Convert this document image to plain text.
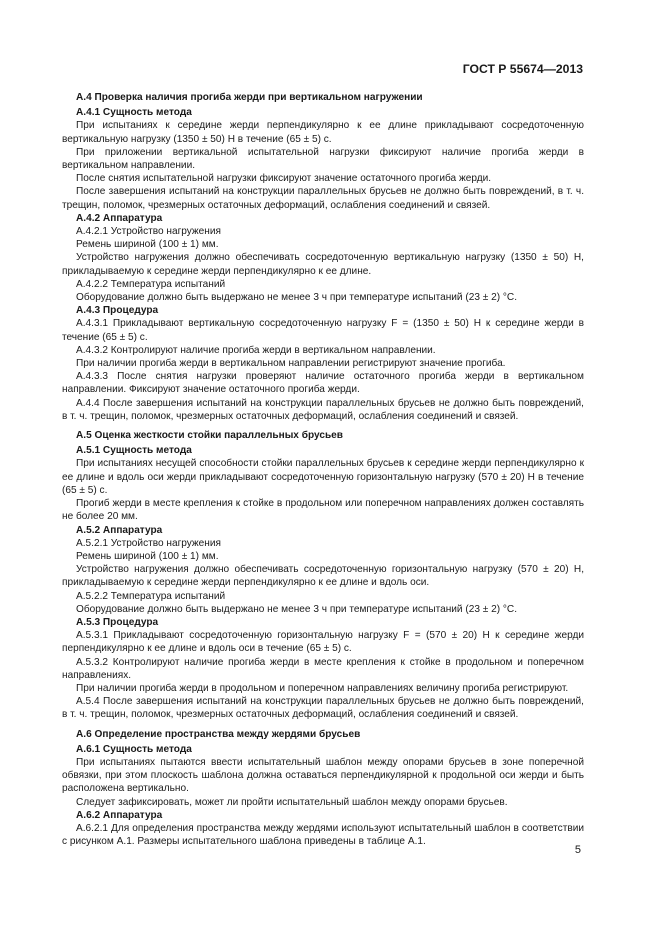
ГОСТ Р 55674—2013

А.4 Проверка наличия прогиба жерди при вертикальном нагружении

А.4.1 Сущность метода

При испытаниях к середине жерди перпендикулярно к ее длине прикладывают сосредоточенную вертикальную нагрузку (1350 ± 50) Н в течение (65 ± 5) с.

При приложении вертикальной испытательной нагрузки фиксируют наличие прогиба жерди в вертикальном направлении.

После снятия испытательной нагрузки фиксируют значение остаточного прогиба жерди.

После завершения испытаний на конструкции параллельных брусьев не должно быть повреждений, в т. ч. трещин, поломок, чрезмерных остаточных деформаций, ослабления соединений и связей.

А.4.2 Аппаратура

А.4.2.1 Устройство нагружения

Ремень шириной (100 ± 1) мм.

Устройство нагружения должно обеспечивать сосредоточенную вертикальную нагрузку (1350 ± 50) Н, прикладываемую к середине жерди перпендикулярно к ее длине.

А.4.2.2 Температура испытаний

Оборудование должно быть выдержано не менее 3 ч при температуре испытаний (23 ± 2) °С.

А.4.3 Процедура

А.4.3.1 Прикладывают вертикальную сосредоточенную нагрузку F = (1350 ± 50) Н к середине жерди в течение (65 ± 5) с.

А.4.3.2 Контролируют наличие прогиба жерди в вертикальном направлении.

При наличии прогиба жерди в вертикальном направлении регистрируют значение прогиба.

А.4.3.3 После снятия нагрузки проверяют наличие остаточного прогиба жерди в вертикальном направлении. Фиксируют значение остаточного прогиба жерди.

А.4.4 После завершения испытаний на конструкции параллельных брусьев не должно быть повреждений, в т. ч. трещин, поломок, чрезмерных остаточных деформаций, ослабления соединений и связей.

А.5 Оценка жесткости стойки параллельных брусьев

А.5.1 Сущность метода

При испытаниях несущей способности стойки параллельных брусьев к середине жерди перпендикулярно к ее длине и вдоль оси жерди прикладывают сосредоточенную горизонтальную нагрузку (570 ± 20) Н в течение (65 ± 5) с.

Прогиб жерди в месте крепления к стойке в продольном или поперечном направлениях должен составлять не более 20 мм.

А.5.2 Аппаратура

А.5.2.1 Устройство нагружения

Ремень шириной (100 ± 1) мм.

Устройство нагружения должно обеспечивать сосредоточенную горизонтальную нагрузку (570 ± 20) Н, прикладываемую к середине жерди перпендикулярно к ее длине и вдоль оси.

А.5.2.2 Температура испытаний

Оборудование должно быть выдержано не менее 3 ч при температуре испытаний (23 ± 2) °С.

А.5.3 Процедура

А.5.3.1 Прикладывают сосредоточенную горизонтальную нагрузку F = (570 ± 20) Н к середине жерди перпендикулярно к ее длине и вдоль оси в течение (65 ± 5) с.

А.5.3.2 Контролируют наличие прогиба жерди в месте крепления к стойке в продольном и поперечном направлениях.

При наличии прогиба жерди в продольном и поперечном направлениях величину прогиба регистрируют.

А.5.4 После завершения испытаний на конструкции параллельных брусьев не должно быть повреждений, в т. ч. трещин, поломок, чрезмерных остаточных деформаций, ослабления соединений и связей.

А.6 Определение пространства между жердями брусьев

А.6.1 Сущность метода

При испытаниях пытаются ввести испытательный шаблон между опорами брусьев в зоне поперечной обвязки, при этом плоскость шаблона должна оставаться перпендикулярной к продольной оси жерди и быть расположена вертикально.

Следует зафиксировать, может ли пройти испытательный шаблон между опорами брусьев.

А.6.2 Аппаратура

А.6.2.1 Для определения пространства между жердями используют испытательный шаблон в соответствии с рисунком А.1. Размеры испытательного шаблона приведены в таблице А.1.

5
